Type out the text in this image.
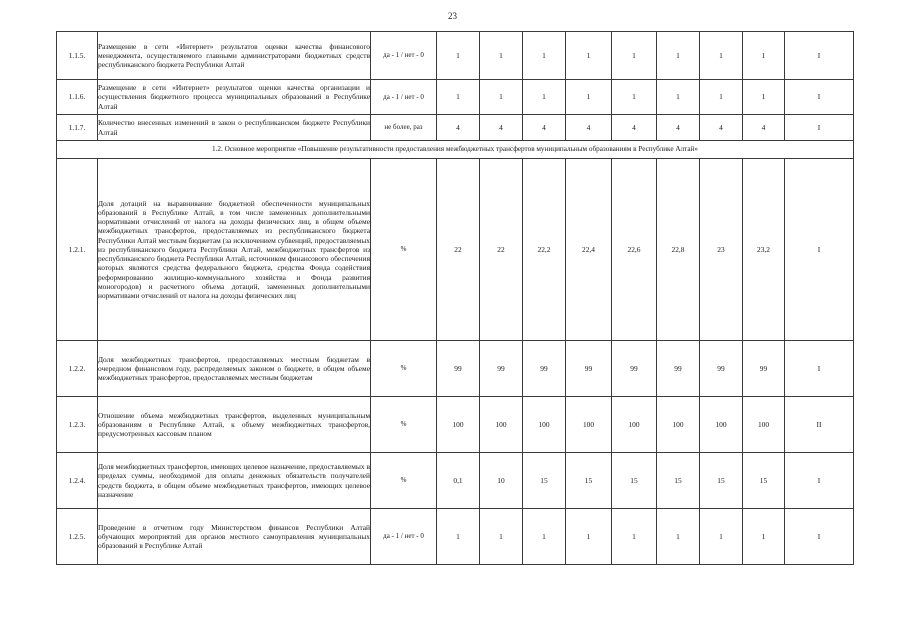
23
1.1.5.	Размещение в сети «Интернет» результатов оценки качества финансового менеджмента, осуществляемого главными администраторами бюджетных средств республиканского бюджета Республики Алтай	да - 1 / нет - 0	1	1	1	1	1	1	1	1	I
1.1.6.	Размещение в сети «Интернет» результатов оценки качества организации и осуществления бюджетного процесса муниципальных образований в Республике Алтай	да - 1 / нет - 0	1	1	1	1	1	1	1	1	I
1.1.7.	Количество внесенных изменений в закон о республиканском бюджете Республики Алтай	не более, раз	4	4	4	4	4	4	4	4	I
1.2. Основное мероприятие «Повышение результативности предоставления межбюджетных трансфертов муниципальным образованиям в Республике Алтай»											
1.2.1.	Доля дотаций на выравнивание бюджетной обеспеченности муниципальных образований в Республике Алтай, в том числе замененных дополнительными нормативами отчислений от налога на доходы физических лиц, в общем объеме межбюджетных трансфертов, предоставляемых из республиканского бюджета Республики Алтай местным бюджетам (за исключением субвенций, предоставляемых из республиканского бюджета Республики Алтай, межбюджетных трансфертов из республиканского бюджета Республики Алтай, источником финансового обеспечения которых являются средства федерального бюджета, средства Фонда содействия реформированию жилищно-коммунального хозяйства и Фонда развития моногородов) и расчетного объема дотаций, замененных дополнительными нормативами отчислений от налога на доходы физических лиц	%	22	22	22,2	22,4	22,6	22,8	23	23,2	I
1.2.2.	Доля межбюджетных трансфертов, предоставляемых местным бюджетам в очередном финансовом году, распределяемых законом о бюджете, в общем объеме межбюджетных трансфертов, предоставляемых местным бюджетам	%	99	99	99	99	99	99	99	99	I
1.2.3.	Отношение объема межбюджетных трансфертов, выделенных муниципальным образованиям в Республике Алтай, к объему межбюджетных трансфертов, предусмотренных кассовым планом	%	100	100	100	100	100	100	100	100	II
1.2.4.	Доля межбюджетных трансфертов, имеющих целевое назначение, предоставляемых в пределах суммы, необходимой для оплаты денежных обязательств получателей средств бюджета, в общем объеме межбюджетных трансфертов, имеющих целевое назначение	%	0,1	10	15	15	15	15	15	15	I
1.2.5.	Проведение в отчетном году Министерством финансов Республики Алтай обучающих мероприятий для органов местного самоуправления муниципальных образований в Республике Алтай	да - 1 / нет - 0	1	1	1	1	1	1	1	1	I
